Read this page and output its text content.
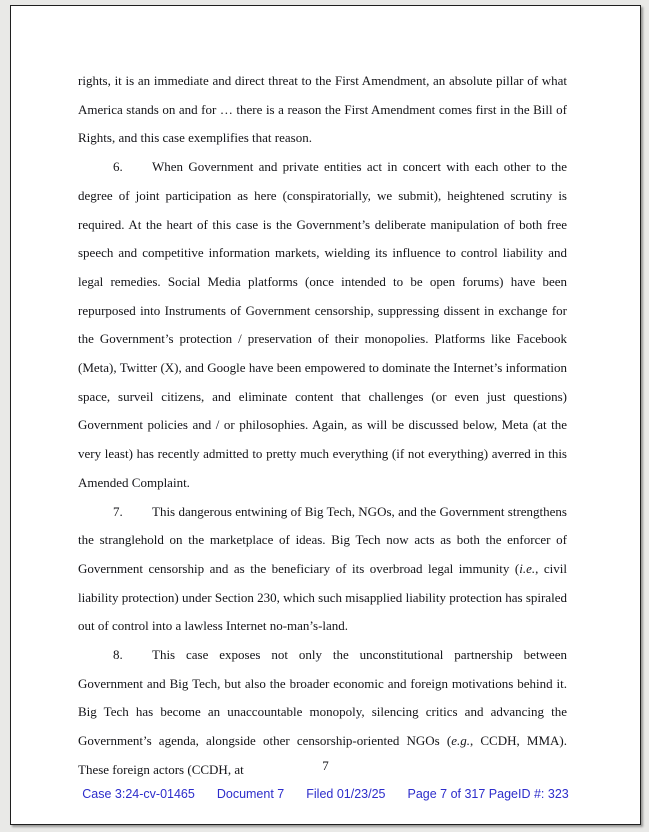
rights, it is an immediate and direct threat to the First Amendment, an absolute pillar of what America stands on and for … there is a reason the First Amendment comes first in the Bill of Rights, and this case exemplifies that reason.

6. When Government and private entities act in concert with each other to the degree of joint participation as here (conspiratorially, we submit), heightened scrutiny is required. At the heart of this case is the Government’s deliberate manipulation of both free speech and competitive information markets, wielding its influence to control liability and legal remedies. Social Media platforms (once intended to be open forums) have been repurposed into Instruments of Government censorship, suppressing dissent in exchange for the Government’s protection / preservation of their monopolies. Platforms like Facebook (Meta), Twitter (X), and Google have been empowered to dominate the Internet’s information space, surveil citizens, and eliminate content that challenges (or even just questions) Government policies and / or philosophies. Again, as will be discussed below, Meta (at the very least) has recently admitted to pretty much everything (if not everything) averred in this Amended Complaint.

7. This dangerous entwining of Big Tech, NGOs, and the Government strengthens the stranglehold on the marketplace of ideas. Big Tech now acts as both the enforcer of Government censorship and as the beneficiary of its overbroad legal immunity (i.e., civil liability protection) under Section 230, which such misapplied liability protection has spiraled out of control into a lawless Internet no-man’s-land.

8. This case exposes not only the unconstitutional partnership between Government and Big Tech, but also the broader economic and foreign motivations behind it. Big Tech has become an unaccountable monopoly, silencing critics and advancing the Government’s agenda, alongside other censorship-oriented NGOs (e.g., CCDH, MMA). These foreign actors (CCDH, at	7
Case 3:24-cv-01465 Document 7 Filed 01/23/25 Page 7 of 317 PageID #: 323
